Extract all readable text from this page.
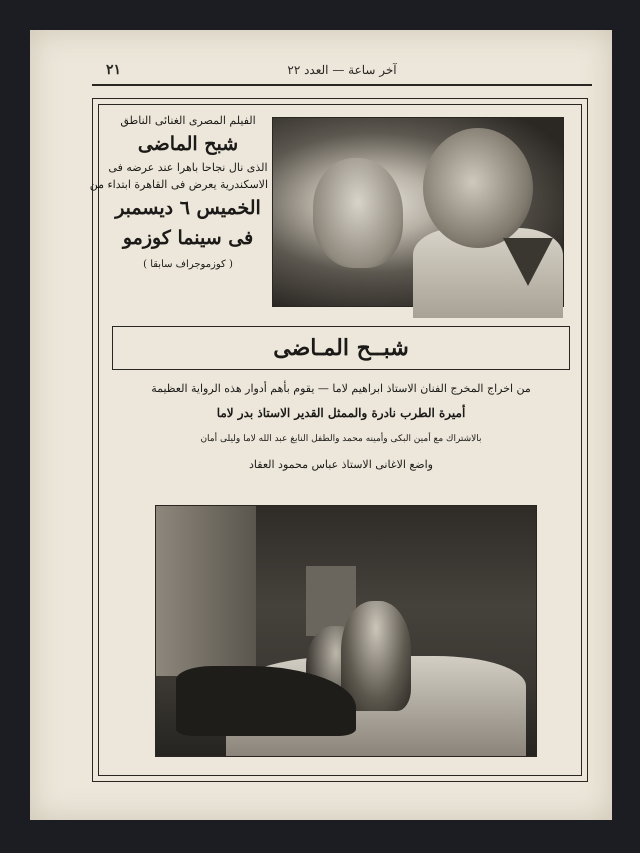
٢١	آخر ساعة — العدد ٢٢
الفيلم المصرى الغنائى الناطق
شبح الماضى
الذى نال نجاحا باهرا عند عرضه فى
الاسكندرية يعرض فى القاهرة ابتداء من
الخميس ٦ ديسمبر
فى سينما كوزمو
( كوزموجراف سابقا )
شبــح المـاضى
من اخراج المخرج الفنان الاستاذ ابراهيم لاما — يقوم بأهم أدوار هذه الرواية العظيمة
أميرة الطرب نادرة والممثل القدير الاستاذ بدر لاما
بالاشتراك مع أمين البكى وأمينه محمد والطفل النابغ عبد الله لاما وليلى أمان
واضع الاغانى الاستاذ عباس محمود العقاد
